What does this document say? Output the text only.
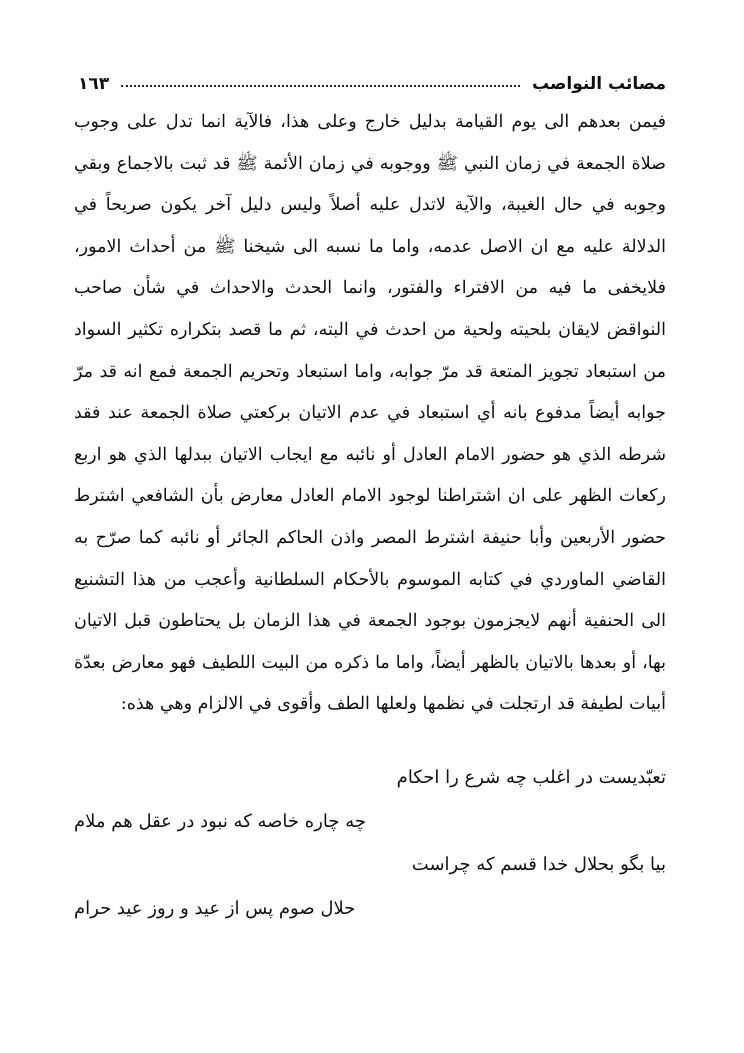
مصائب النواصب
١٦٣

فيمن بعدهم الى يوم القيامة بدليل خارج وعلى هذا، فالآية انما تدل على وجوب صلاة الجمعة في زمان النبي ﷺ ووجوبه في زمان الأئمة ﷺ قد ثبت بالاجماع وبقي وجوبه في حال الغيبة، والآية لاتدل عليه أصلاً وليس دليل آخر يكون صريحاً في الدلالة عليه مع ان الاصل عدمه، واما ما نسبه الى شيخنا ﷺ من أحداث الامور، فلايخفى ما فيه من الافتراء والفتور، وانما الحدث والاحداث في شأن صاحب النواقض لايقان بلحيته ولحية من احدث في البته، ثم ما قصد بتكراره تكثير السواد من استبعاد تجويز المتعة قد مرّ جوابه، واما استبعاد وتحريم الجمعة فمع انه قد مرّ جوابه أيضاً مدفوع بانه أي استبعاد في عدم الاتيان بركعتي صلاة الجمعة عند فقد شرطه الذي هو حضور الامام العادل أو نائبه مع ايجاب الاتيان ببدلها الذي هو اربع ركعات الظهر على ان اشتراطنا لوجود الامام العادل معارض بأن الشافعي اشترط حضور الأربعين وأبا حنيفة اشترط المصر واذن الحاكم الجائر أو نائبه كما صرّح به القاضي الماوردي في كتابه الموسوم بالأحكام السلطانية وأعجب من هذا التشنيع الى الحنفية أنهم لايجزمون بوجود الجمعة في هذا الزمان بل يحتاطون قبل الاتيان بها، أو بعدها بالاتيان بالظهر أيضاً، واما ما ذكره من البيت اللطيف فهو معارض بعدّة أبيات لطيفة قد ارتجلت في نظمها ولعلها الطف وأقوى في الالزام وهي هذه:

تعبّديست در اغلب چه شرع را احكام
چه چاره خاصه كه نبود در عقل هم ملام
بيا بگو بحلال خدا قسم كه چراست
حلال صوم پس از عيد و روز عيد حرام
